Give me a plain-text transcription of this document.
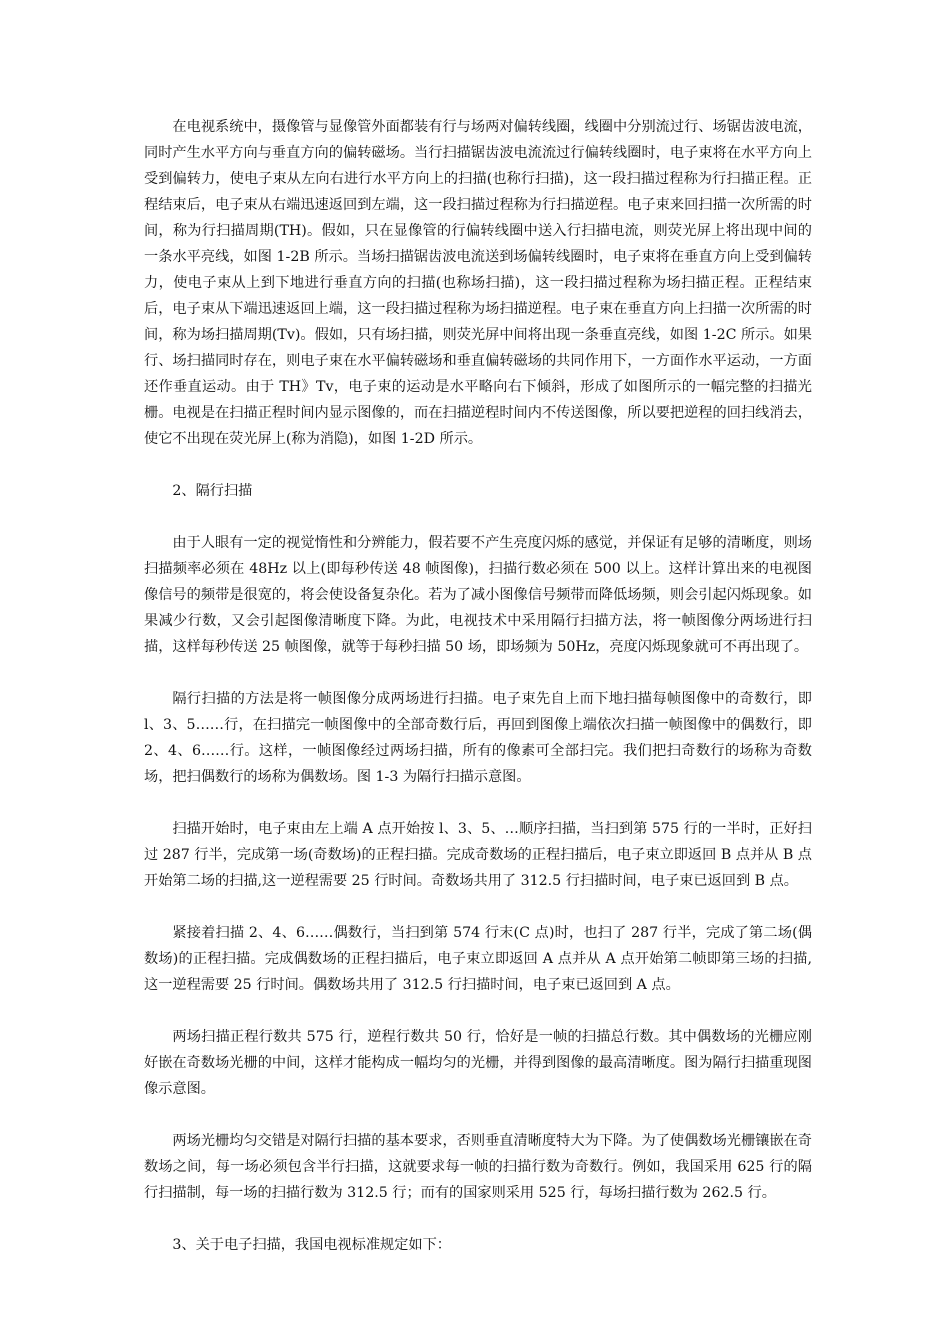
在电视系统中，摄像管与显像管外面都装有行与场两对偏转线圈，线圈中分别流过行、场锯齿波电流，同时产生水平方向与垂直方向的偏转磁场。当行扫描锯齿波电流流过行偏转线圈时，电子束将在水平方向上受到偏转力，使电子束从左向右进行水平方向上的扫描(也称行扫描)，这一段扫描过程称为行扫描正程。正程结束后，电子束从右端迅速返回到左端，这一段扫描过程称为行扫描逆程。电子束来回扫描一次所需的时间，称为行扫描周期(TH)。假如，只在显像管的行偏转线圈中送入行扫描电流，则荧光屏上将出现中间的一条水平亮线，如图 1-2B 所示。当场扫描锯齿波电流送到场偏转线圈时，电子束将在垂直方向上受到偏转力，使电子束从上到下地进行垂直方向的扫描(也称场扫描)，这一段扫描过程称为场扫描正程。正程结束后，电子束从下端迅速返回上端，这一段扫描过程称为场扫描逆程。电子束在垂直方向上扫描一次所需的时间，称为场扫描周期(Tv)。假如，只有场扫描，则荧光屏中间将出现一条垂直亮线，如图 1-2C 所示。如果行、场扫描同时存在，则电子束在水平偏转磁场和垂直偏转磁场的共同作用下，一方面作水平运动，一方面还作垂直运动。由于 TH》Tv，电子束的运动是水平略向右下倾斜，形成了如图所示的一幅完整的扫描光栅。电视是在扫描正程时间内显示图像的，而在扫描逆程时间内不传送图像，所以要把逆程的回扫线消去，使它不出现在荧光屏上(称为消隐)，如图 1-2D 所示。

2、隔行扫描

由于人眼有一定的视觉惰性和分辨能力，假若要不产生亮度闪烁的感觉，并保证有足够的清晰度，则场扫描频率必须在 48Hz 以上(即每秒传送 48 帧图像)，扫描行数必须在 500 以上。这样计算出来的电视图像信号的频带是很宽的，将会使设备复杂化。若为了减小图像信号频带而降低场频，则会引起闪烁现象。如果减少行数，又会引起图像清晰度下降。为此，电视技术中采用隔行扫描方法，将一帧图像分两场进行扫描，这样每秒传送 25 帧图像，就等于每秒扫描 50 场，即场频为 50Hz，亮度闪烁现象就可不再出现了。

隔行扫描的方法是将一帧图像分成两场进行扫描。电子束先自上而下地扫描每帧图像中的奇数行，即 l、3、5……行，在扫描完一帧图像中的全部奇数行后，再回到图像上端依次扫描一帧图像中的偶数行，即 2、4、6……行。这样，一帧图像经过两场扫描，所有的像素可全部扫完。我们把扫奇数行的场称为奇数场，把扫偶数行的场称为偶数场。图 1-3 为隔行扫描示意图。

扫描开始时，电子束由左上端 A 点开始按 l、3、5、…顺序扫描，当扫到第 575 行的一半时，正好扫过 287 行半，完成第一场(奇数场)的正程扫描。完成奇数场的正程扫描后，电子束立即返回 B 点并从 B 点开始第二场的扫描,这一逆程需要 25 行时间。奇数场共用了 312.5 行扫描时间，电子束已返回到 B 点。

紧接着扫描 2、4、6……偶数行，当扫到第 574 行末(C 点)时，也扫了 287 行半，完成了第二场(偶数场)的正程扫描。完成偶数场的正程扫描后，电子束立即返回 A 点并从 A 点开始第二帧即第三场的扫描,这一逆程需要 25 行时间。偶数场共用了 312.5 行扫描时间，电子束已返回到 A 点。

两场扫描正程行数共 575 行，逆程行数共 50 行，恰好是一帧的扫描总行数。其中偶数场的光栅应刚好嵌在奇数场光栅的中间，这样才能构成一幅均匀的光栅，并得到图像的最高清晰度。图为隔行扫描重现图像示意图。

两场光栅均匀交错是对隔行扫描的基本要求，否则垂直清晰度特大为下降。为了使偶数场光栅镶嵌在奇数场之间，每一场必须包含半行扫描，这就要求每一帧的扫描行数为奇数行。例如，我国采用 625 行的隔行扫描制，每一场的扫描行数为 312.5 行；而有的国家则采用 525 行，每场扫描行数为 262.5 行。

3、关于电子扫描，我国电视标准规定如下：
